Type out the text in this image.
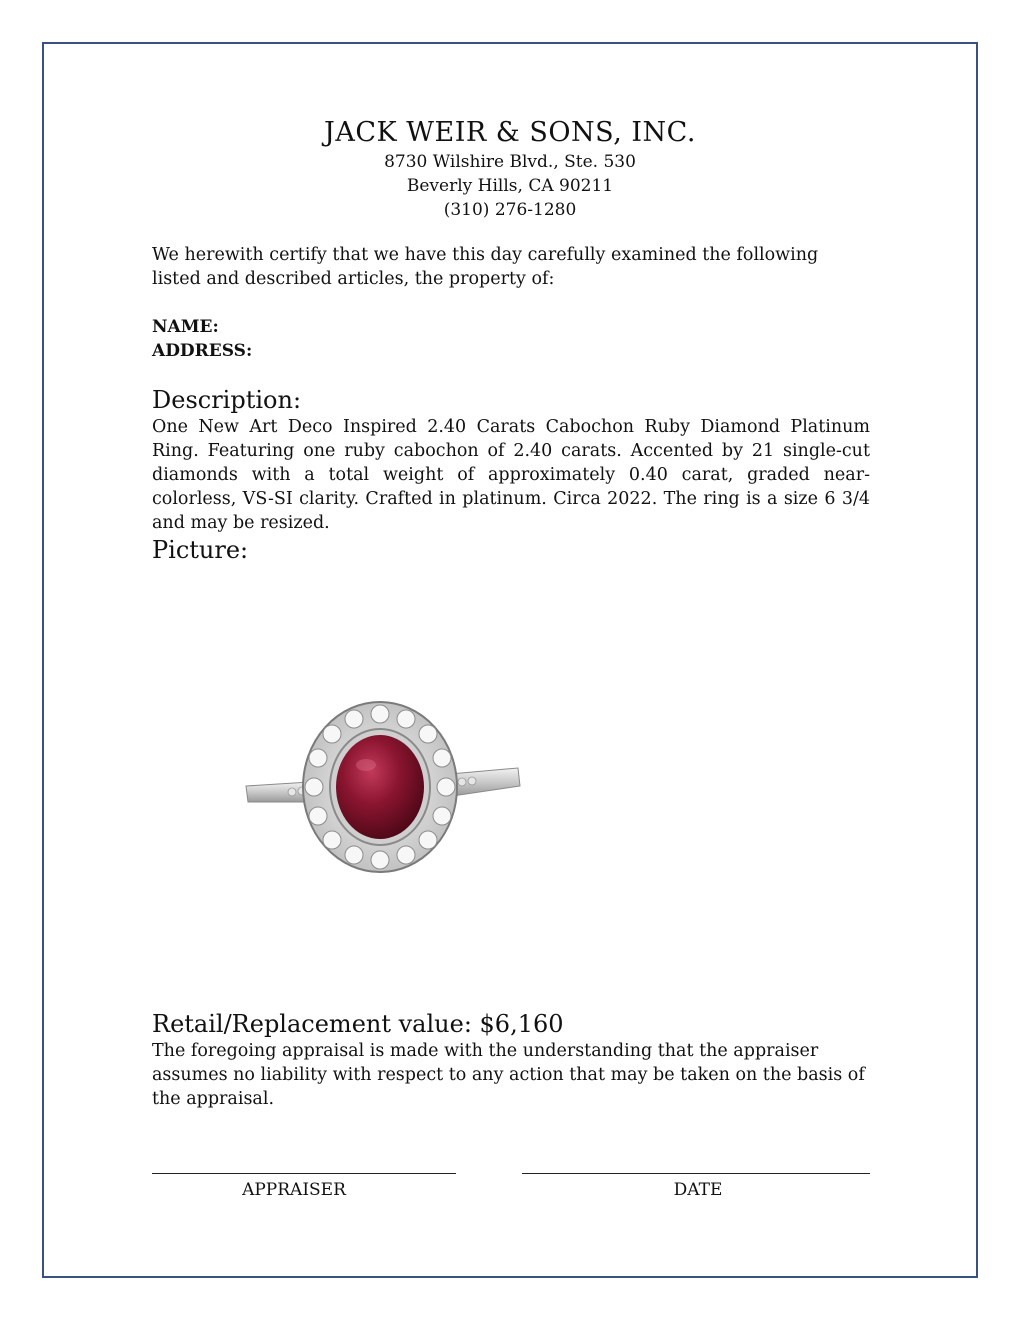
JACK WEIR & SONS, INC.
8730 Wilshire Blvd., Ste. 530
Beverly Hills, CA 90211
(310) 276-1280
We herewith certify that we have this day carefully examined the following listed and described articles, the property of:
NAME:
ADDRESS:
Description:
One New Art Deco Inspired 2.40 Carats Cabochon Ruby Diamond Platinum Ring. Featuring one ruby cabochon of 2.40 carats. Accented by 21 single-cut diamonds with a total weight of approximately 0.40 carat, graded near-colorless, VS-SI clarity. Crafted in platinum. Circa 2022. The ring is a size 6 3/4 and may be resized.
Picture:
Retail/Replacement value: $6,160
The foregoing appraisal is made with the understanding that the appraiser assumes no liability with respect to any action that may be taken on the basis of the appraisal.
APPRAISER	DATE
